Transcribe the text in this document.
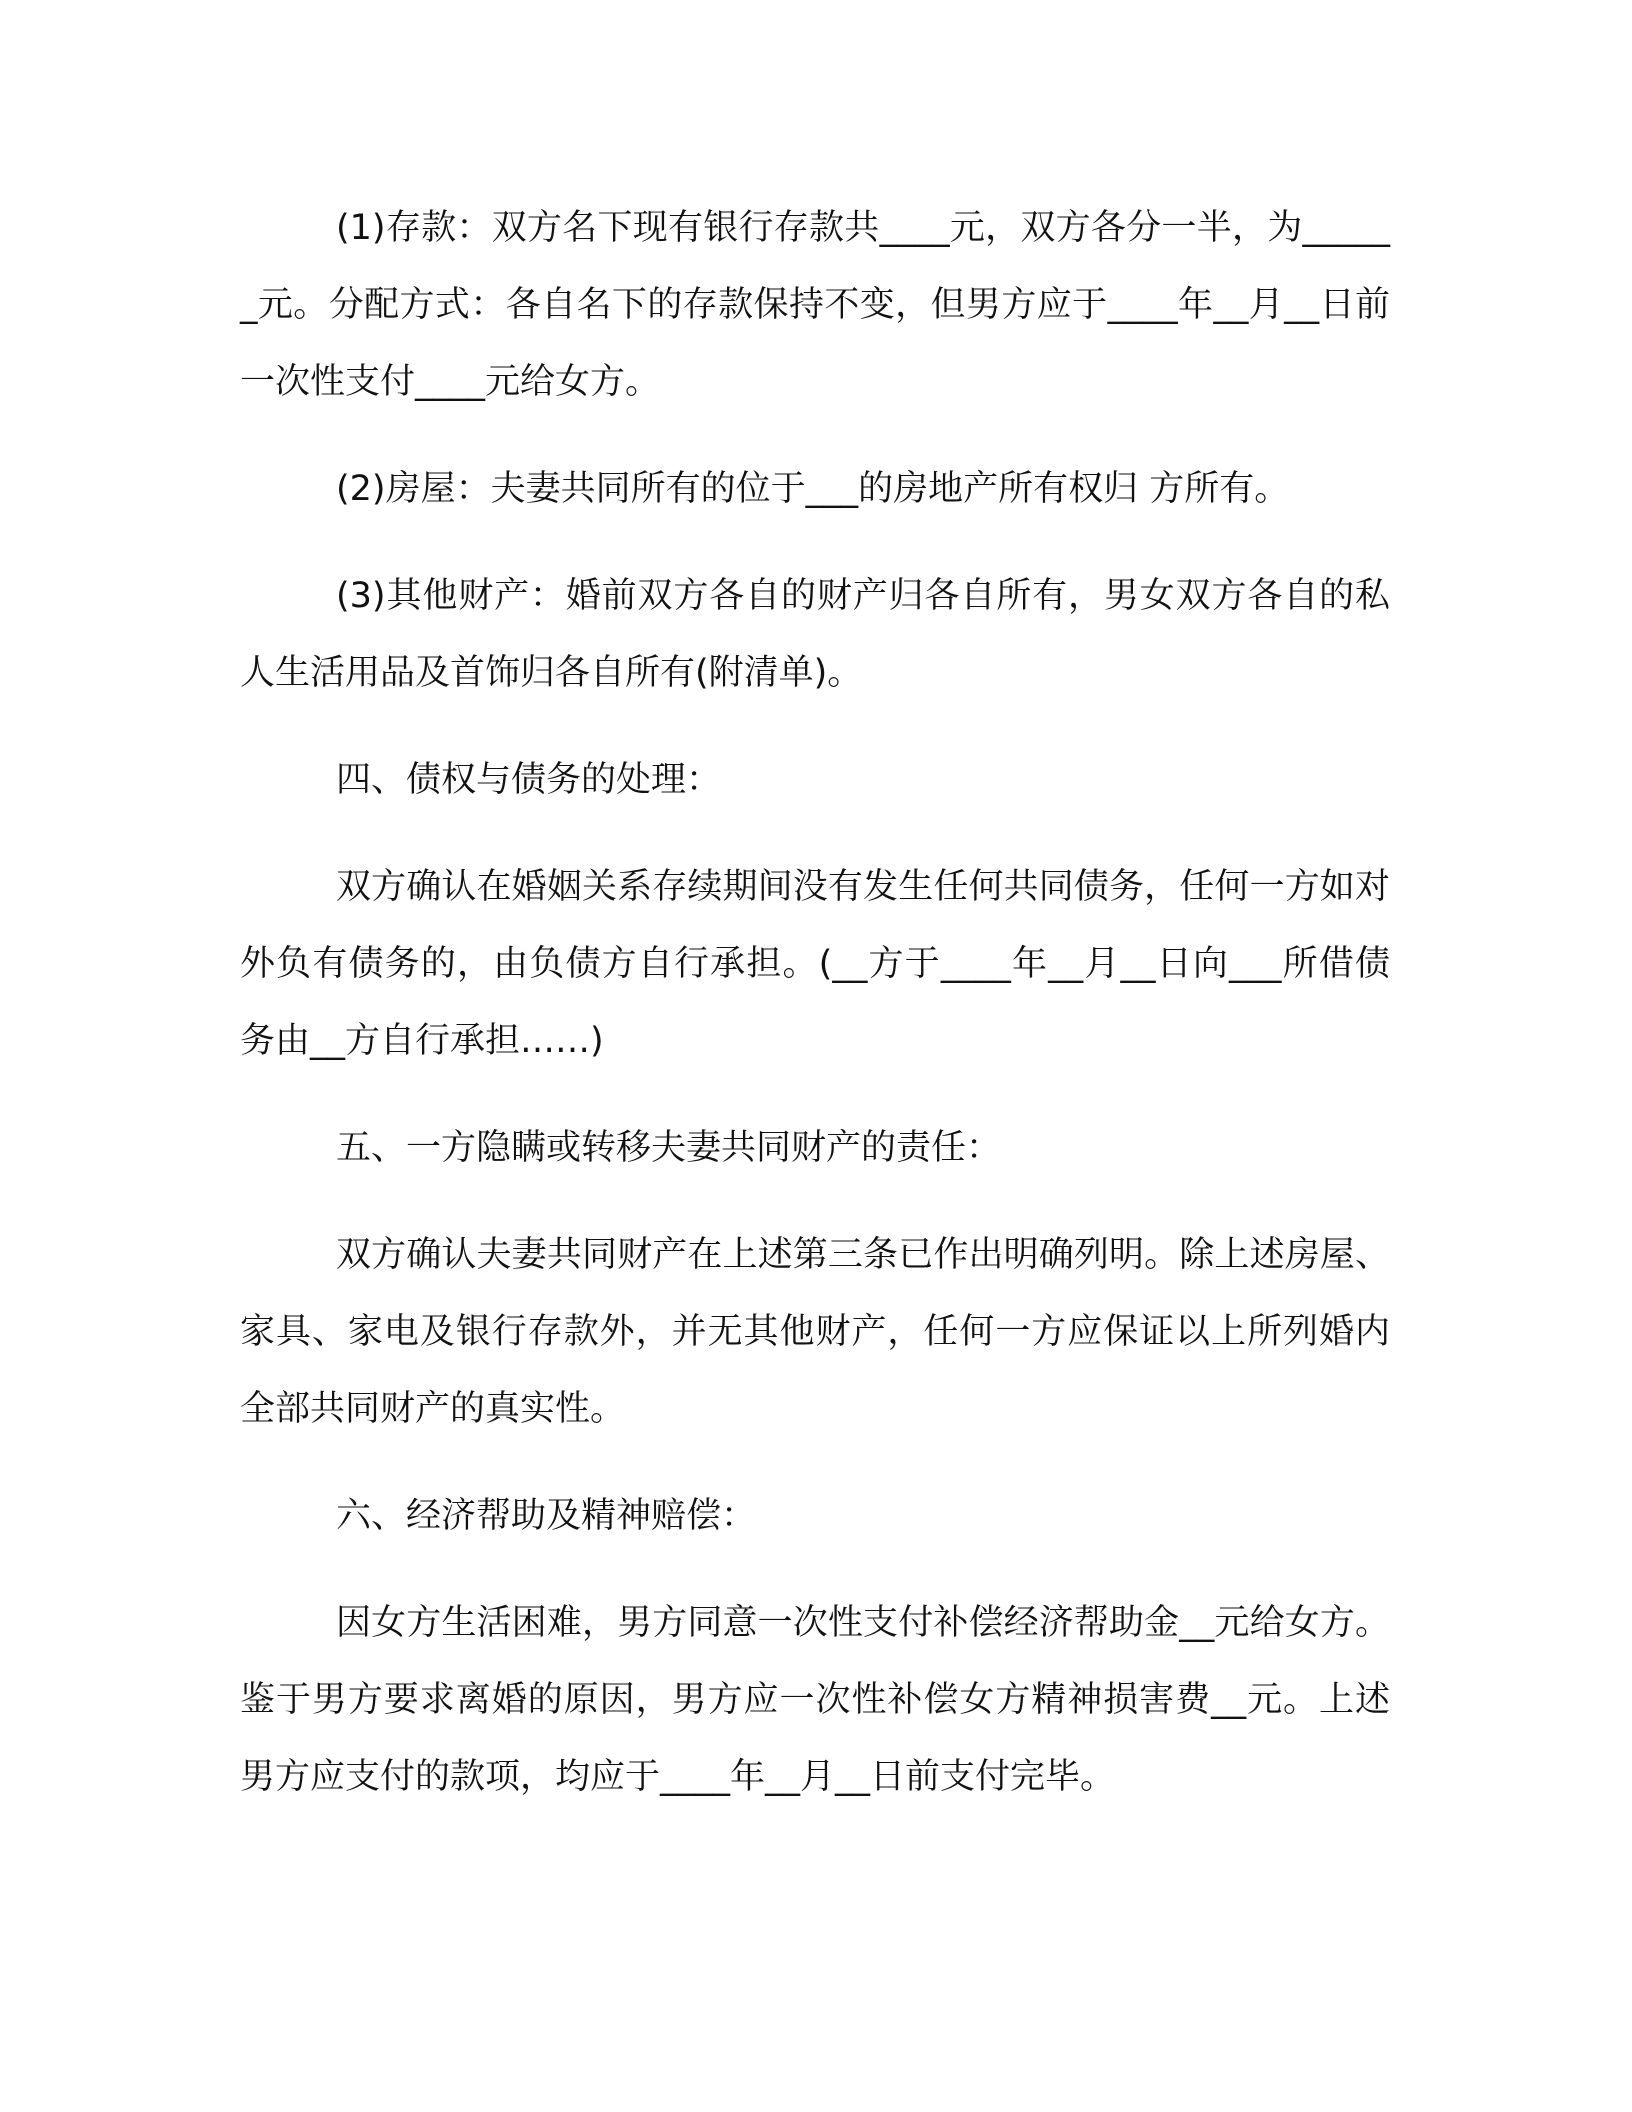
(1)存款：双方名下现有银行存款共____元，双方各分一半，为______元。分配方式：各自名下的存款保持不变，但男方应于____年__月__日前一次性支付____元给女方。

(2)房屋：夫妻共同所有的位于___的房地产所有权归 方所有。

(3)其他财产：婚前双方各自的财产归各自所有，男女双方各自的私人生活用品及首饰归各自所有(附清单)。

四、债权与债务的处理：

双方确认在婚姻关系存续期间没有发生任何共同债务，任何一方如对外负有债务的，由负债方自行承担。(__方于____年__月__日向___所借债务由__方自行承担……)

五、一方隐瞒或转移夫妻共同财产的责任：

双方确认夫妻共同财产在上述第三条已作出明确列明。除上述房屋、家具、家电及银行存款外，并无其他财产，任何一方应保证以上所列婚内全部共同财产的真实性。

六、经济帮助及精神赔偿：

因女方生活困难，男方同意一次性支付补偿经济帮助金__元给女方。鉴于男方要求离婚的原因，男方应一次性补偿女方精神损害费__元。上述男方应支付的款项，均应于____年__月__日前支付完毕。
